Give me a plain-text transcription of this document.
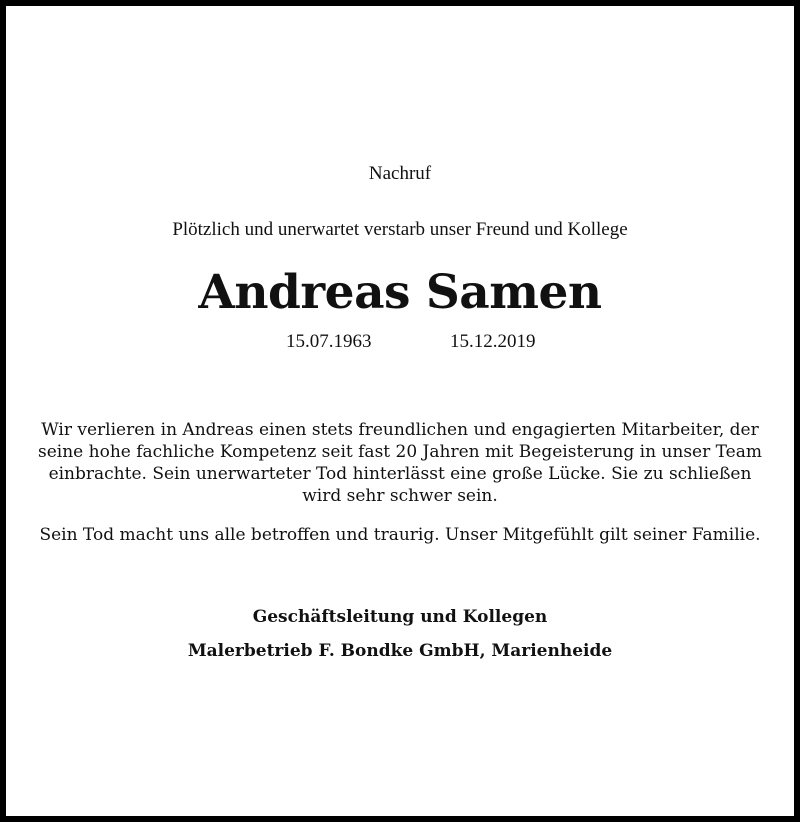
Nachruf
Plötzlich und unerwartet verstarb unser Freund und Kollege
Andreas Samen
15.07.1963	15.12.2019
Wir verlieren in Andreas einen stets freundlichen und engagierten Mitarbeiter, der seine hohe fachliche Kompetenz seit fast 20 Jahren mit Begeisterung in unser Team einbrachte. Sein unerwarteter Tod hinterlässt eine große Lücke. Sie zu schließen wird sehr schwer sein.
Sein Tod macht uns alle betroffen und traurig. Unser Mitgefühlt gilt seiner Familie.
Geschäftsleitung und Kollegen
Malerbetrieb F. Bondke GmbH, Marienheide
